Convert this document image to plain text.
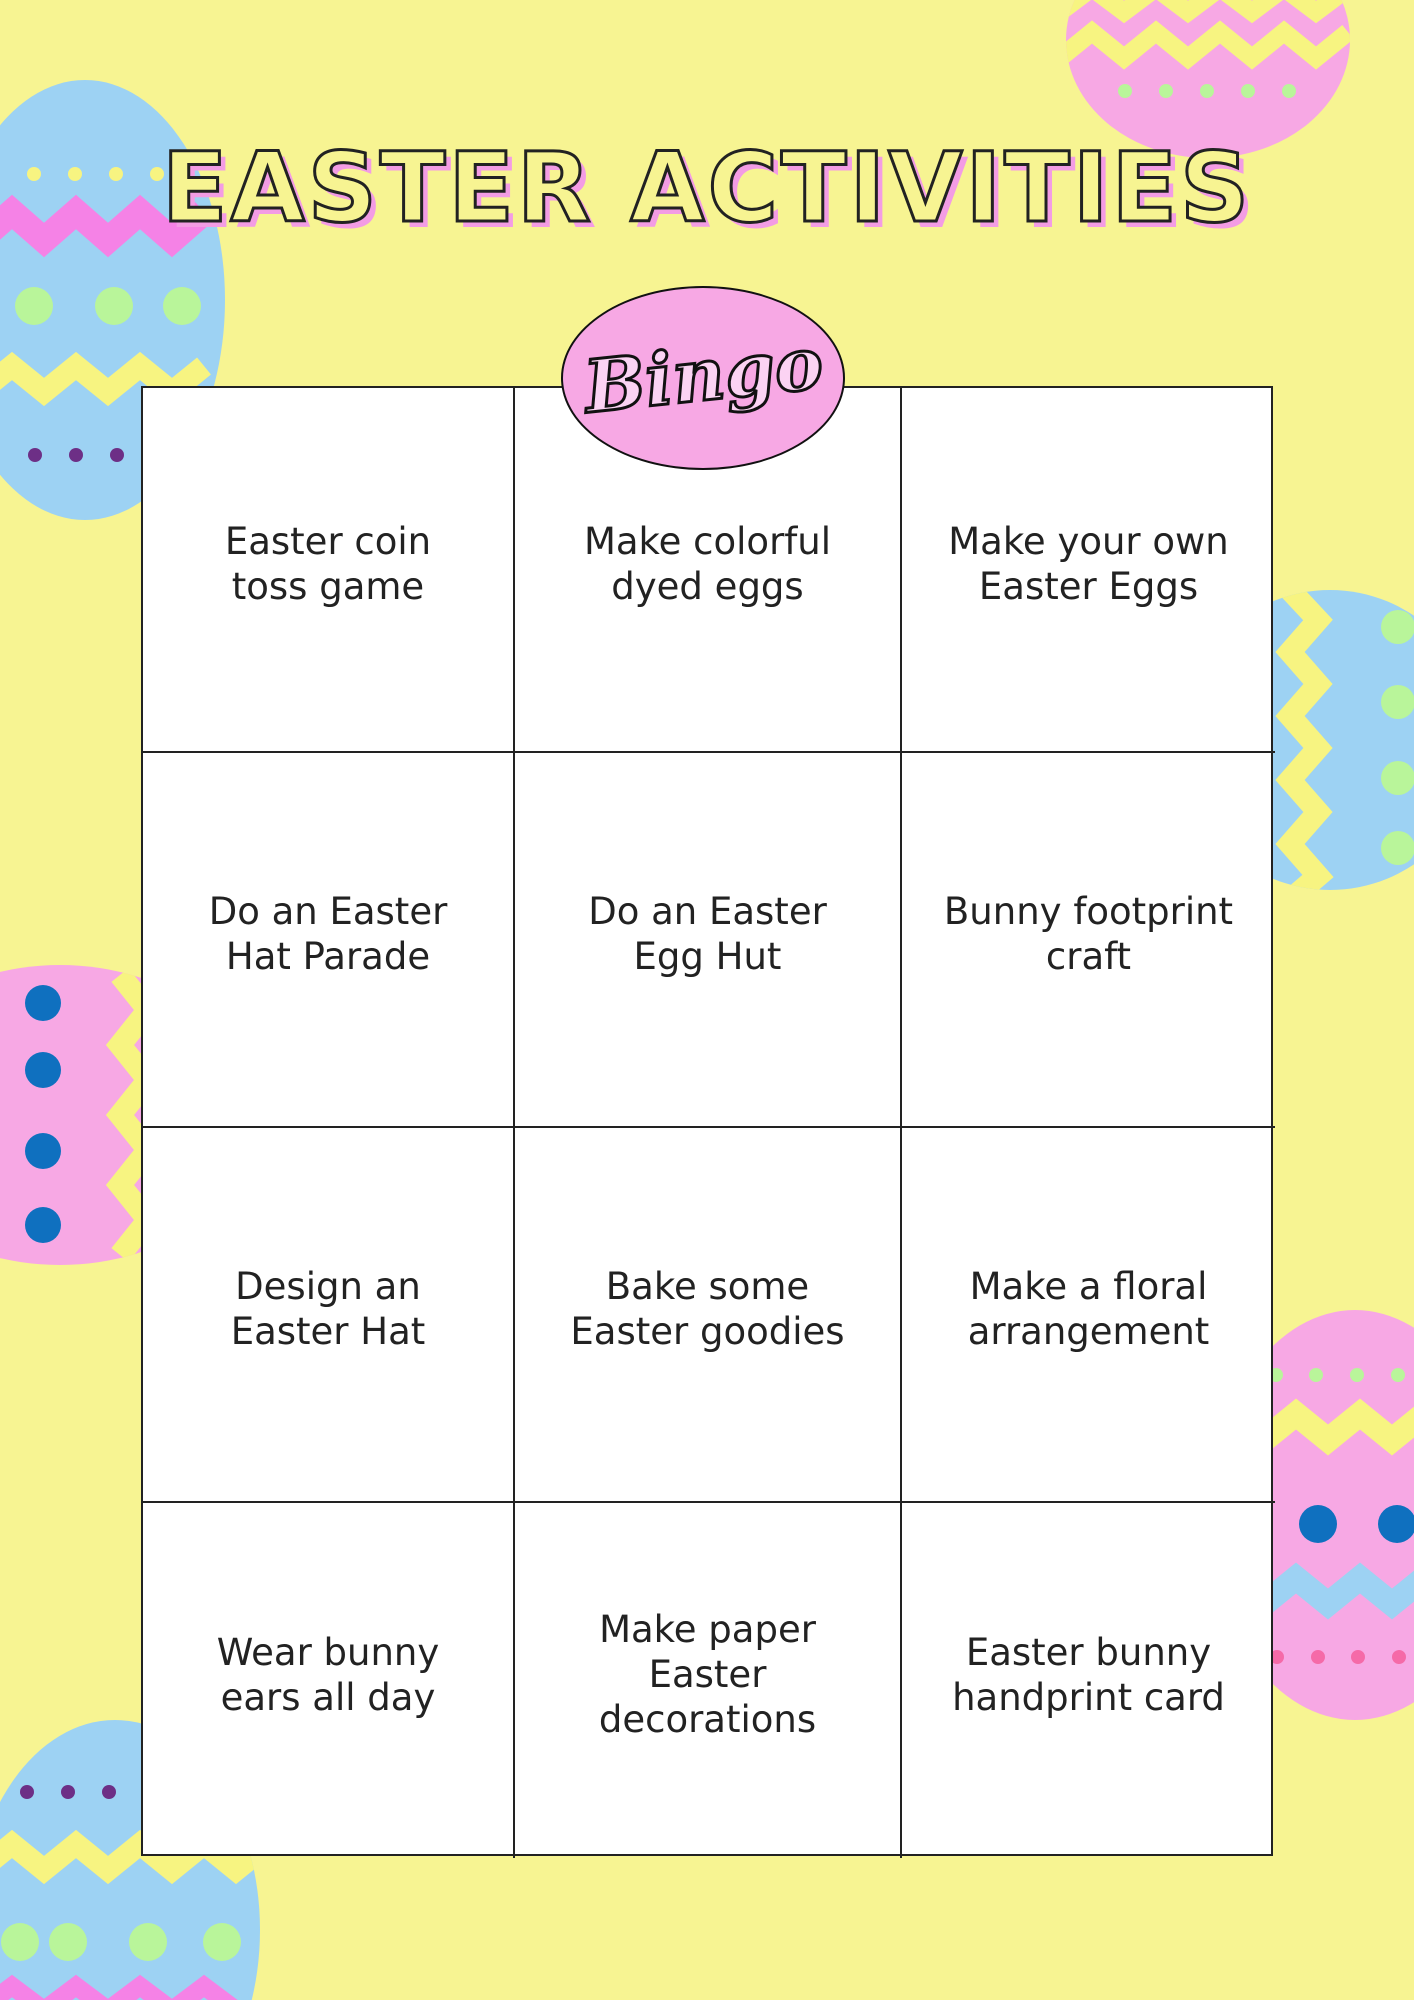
EASTER ACTIVITIES
Easter coin
toss game
Make colorful
dyed eggs
Make your own
Easter Eggs
Do an Easter
Hat Parade
Do an Easter
Egg Hut
Bunny footprint
craft
Design an
Easter Hat
Bake some
Easter goodies
Make a floral
arrangement
Wear bunny
ears all day
Make paper Easter
decorations
Easter bunny
handprint card
Bingo
